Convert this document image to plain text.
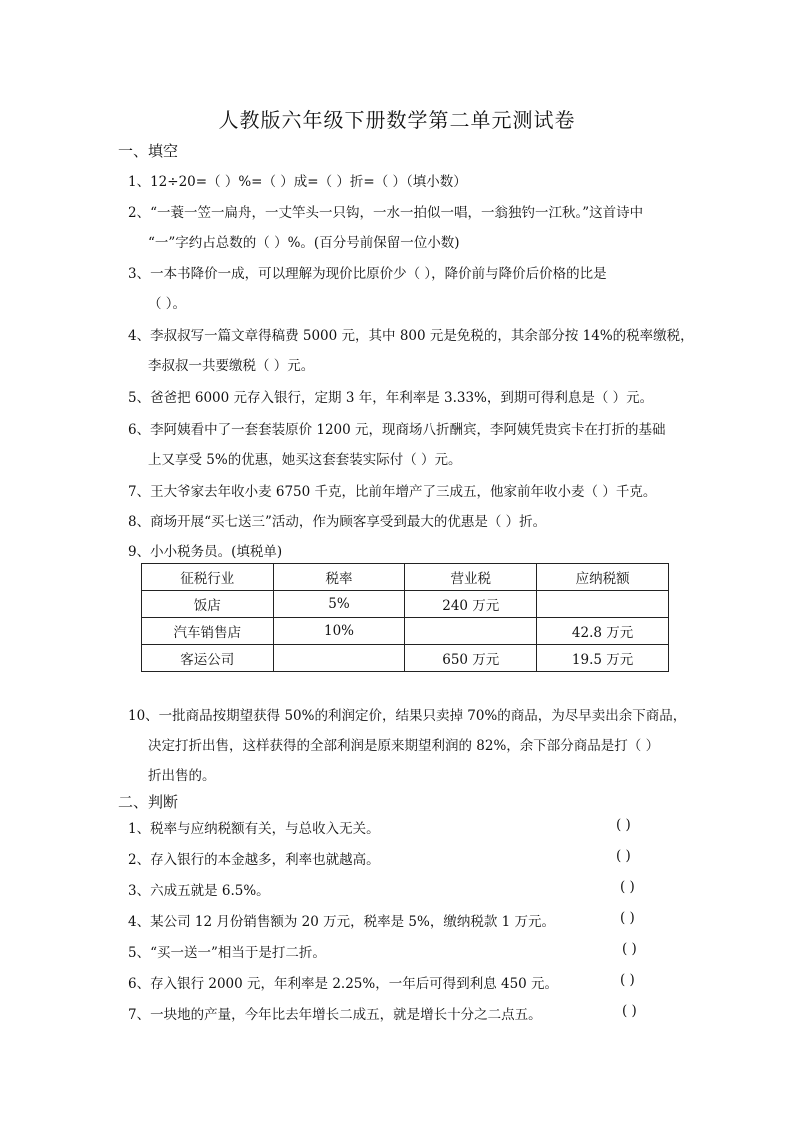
人教版六年级下册数学第二单元测试卷
一、填空
1、12÷20=（ ）%=（ ）成=（ ）折=（ ）（填小数）
2、“一蓑一笠一扁舟，一丈竿头一只钩，一水一拍似一唱，一翁独钓一江秋。”这首诗中
“一”字约占总数的（ ）%。(百分号前保留一位小数)
3、一本书降价一成，可以理解为现价比原价少（ ），降价前与降价后价格的比是
（ ）。
4、李叔叔写一篇文章得稿费 5000 元，其中 800 元是免税的，其余部分按 14%的税率缴税，
李叔叔一共要缴税（ ）元。
5、爸爸把 6000 元存入银行，定期 3 年，年利率是 3.33%，到期可得利息是（ ）元。
6、李阿姨看中了一套套装原价 1200 元，现商场八折酬宾，李阿姨凭贵宾卡在打折的基础
上又享受 5%的优惠，她买这套套装实际付（ ）元。
7、王大爷家去年收小麦 6750 千克，比前年增产了三成五，他家前年收小麦（ ）千克。
8、商场开展“买七送三”活动，作为顾客享受到最大的优惠是（ ）折。
9、小小税务员。(填税单)
征税行业	税率	营业税	应纳税额
饭店	5%	240 万元	
汽车销售店	10%		42.8 万元
客运公司		650 万元	19.5 万元
10、一批商品按期望获得 50%的利润定价，结果只卖掉 70%的商品，为尽早卖出余下商品，
决定打折出售，这样获得的全部利润是原来期望利润的 82%，余下部分商品是打（ ）
折出售的。
二、判断
1、税率与应纳税额有关，与总收入无关。	( )
2、存入银行的本金越多，利率也就越高。	( )
3、六成五就是 6.5%。	( )
4、某公司 12 月份销售额为 20 万元，税率是 5%，缴纳税款 1 万元。	( )
5、“买一送一”相当于是打二折。	( )
6、存入银行 2000 元，年利率是 2.25%，一年后可得到利息 450 元。	( )
7、一块地的产量，今年比去年增长二成五，就是增长十分之二点五。	( )
